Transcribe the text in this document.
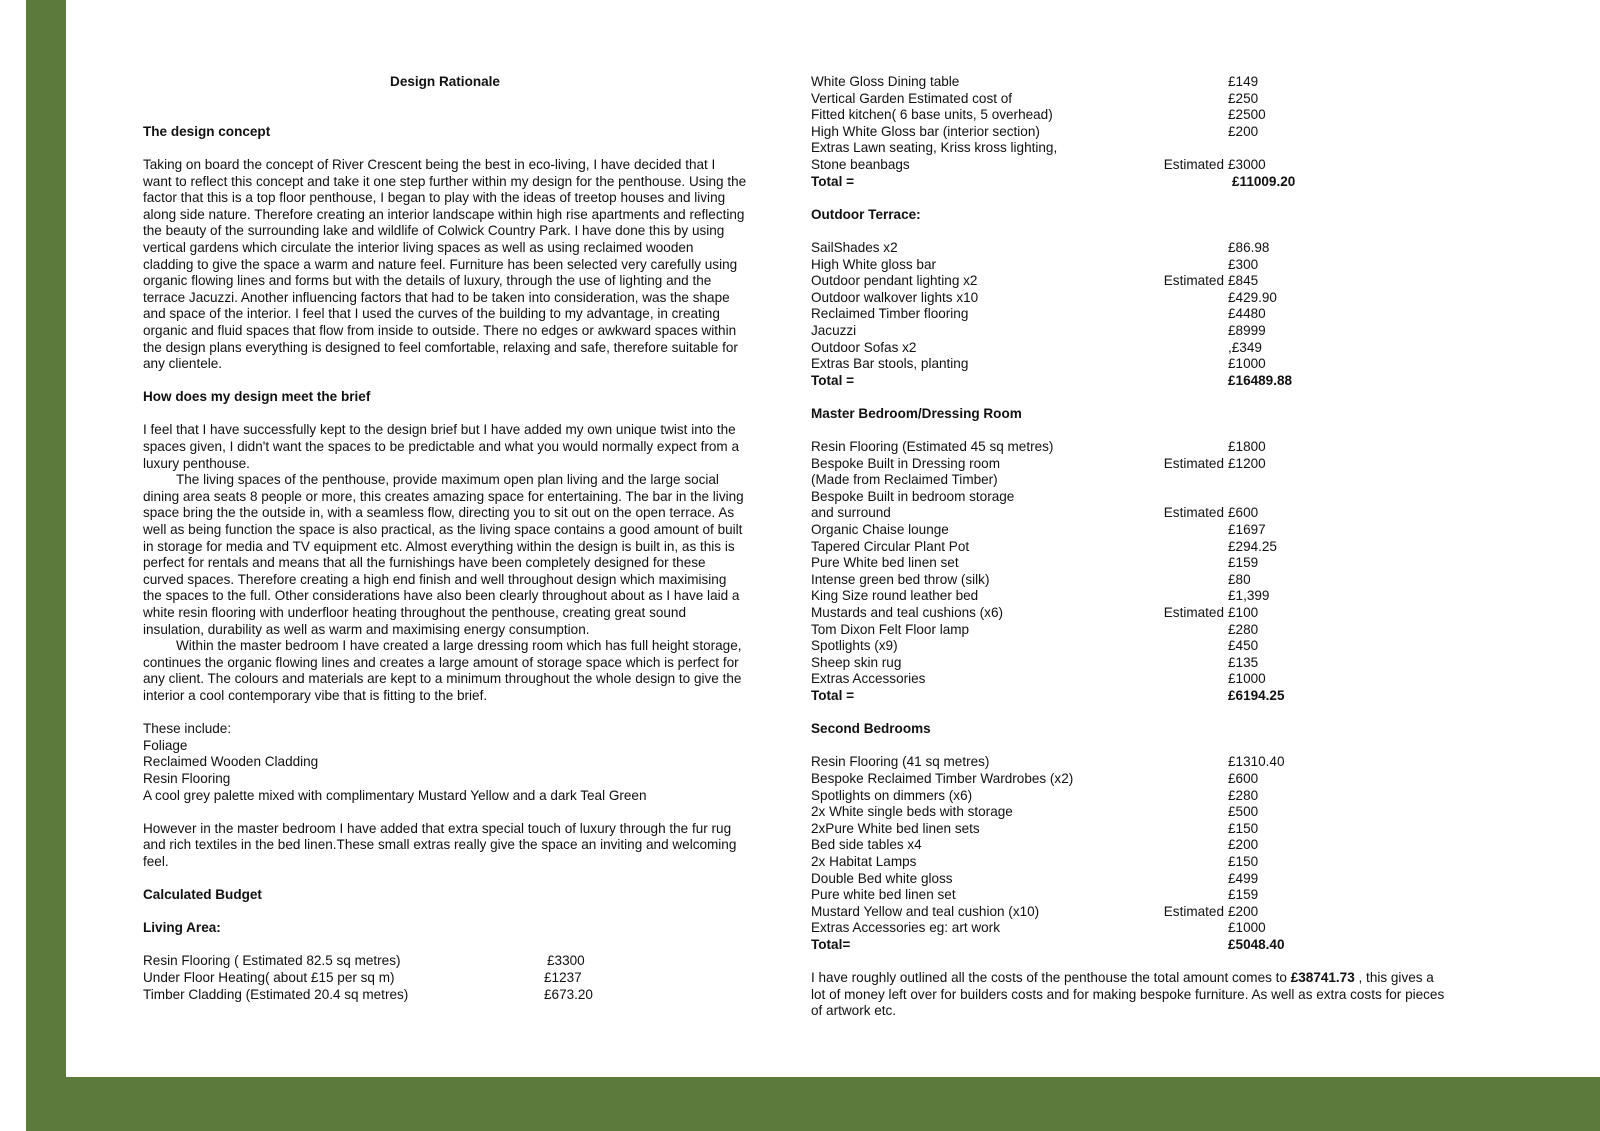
Design Rationale
The design concept

Taking on board the concept of River Crescent being the best in eco-living, I have decided that I want to reflect this concept and take it one step further within my design for the penthouse. Using the factor that this is a top floor penthouse, I began to play with the ideas of treetop houses and living along side nature. Therefore creating an interior landscape within high rise apartments and reflecting the beauty of the surrounding lake and wildlife of Colwick Country Park. I have done this by using vertical gardens which circulate the interior living spaces as well as using reclaimed wooden cladding to give the space a warm and nature feel. Furniture has been selected very carefully using organic flowing lines and forms but with the details of luxury, through the use of lighting and the terrace Jacuzzi. Another influencing factors that had to be taken into consideration, was the shape and space of the interior. I feel that I used the curves of the building to my advantage, in creating organic and fluid spaces that flow from inside to outside. There no edges or awkward spaces within the design plans everything is designed to feel comfortable, relaxing and safe, therefore suitable for any clientele.

How does my design meet the brief

I feel that I have successfully kept to the design brief but I have added my own unique twist into the spaces given, I didn't want the spaces to be predictable and what you would normally expect from a luxury penthouse.

The living spaces of the penthouse, provide maximum open plan living and the large social dining area seats 8 people or more, this creates amazing space for entertaining. The bar in the living space bring the the outside in, with a seamless flow, directing you to sit out on the open terrace. As well as being function the space is also practical, as the living space contains a good amount of built in storage for media and TV equipment etc. Almost everything within the design is built in, as this is perfect for rentals and means that all the furnishings have been completely designed for these curved spaces. Therefore creating a high end finish and well throughout design which maximising the spaces to the full. Other considerations have also been clearly throughout about as I have laid a white resin flooring with underfloor heating throughout the penthouse, creating great sound insulation, durability as well as warm and maximising energy consumption.

Within the master bedroom I have created a large dressing room which has full height storage, continues the organic flowing lines and creates a large amount of storage space which is perfect for any client. The colours and materials are kept to a minimum throughout the whole design to give the interior a cool contemporary vibe that is fitting to the brief.

These include:
Foliage
Reclaimed Wooden Cladding
Resin Flooring
A cool grey palette mixed with complimentary Mustard Yellow and a dark Teal Green

However in the master bedroom I have added that extra special touch of luxury through the fur rug and rich textiles in the bed linen.These small extras really give the space an inviting and welcoming feel.

Calculated Budget
Living Area:
Resin Flooring ( Estimated 82.5 sq metres)	£3300
Under Floor Heating( about £15 per sq m)	£1237
Timber Cladding (Estimated 20.4 sq metres)	£673.20
White Gloss Dining table	£149
Vertical Garden Estimated cost of	£250
Fitted kitchen( 6 base units, 5 overhead)	£2500
High White Gloss bar (interior section)	£200
Extras Lawn seating, Kriss kross lighting,
Stone beanbags	Estimated £3000
Total =	£11009.20
Outdoor Terrace:
SailShades x2	£86.98
High White gloss bar	£300
Outdoor pendant lighting x2	Estimated £845
Outdoor walkover lights x10	£429.90
Reclaimed Timber flooring	£4480
Jacuzzi	£8999
Outdoor Sofas x2	,£349
Extras Bar stools, planting	£1000
Total =	£16489.88
Master Bedroom/Dressing Room
Resin Flooring (Estimated 45 sq metres)	£1800
Bespoke Built in Dressing room	Estimated £1200
(Made from Reclaimed Timber)
Bespoke Built in bedroom storage
and surround	Estimated £600
Organic Chaise lounge	£1697
Tapered Circular Plant Pot	£294.25
Pure White bed linen set	£159
Intense green bed throw (silk)	£80
King Size round leather bed	£1,399
Mustards and teal cushions (x6)	Estimated £100
Tom Dixon Felt Floor lamp	£280
Spotlights (x9)	£450
Sheep skin rug	£135
Extras Accessories	£1000
Total =	£6194.25
Second Bedrooms
Resin Flooring (41 sq metres)	£1310.40
Bespoke Reclaimed Timber Wardrobes (x2)	£600
Spotlights on dimmers (x6)	£280
2x White single beds with storage	£500
2xPure White bed linen sets	£150
Bed side tables x4	£200
2x Habitat Lamps	£150
Double Bed white gloss	£499
Pure white bed linen set	£159
Mustard Yellow and teal cushion (x10)	Estimated £200
Extras Accessories eg: art work	£1000
Total=	£5048.40

I have roughly outlined all the costs of the penthouse the total amount comes to £38741.73 , this gives a lot of money left over for builders costs and for making bespoke furniture. As well as extra costs for pieces of artwork etc.
